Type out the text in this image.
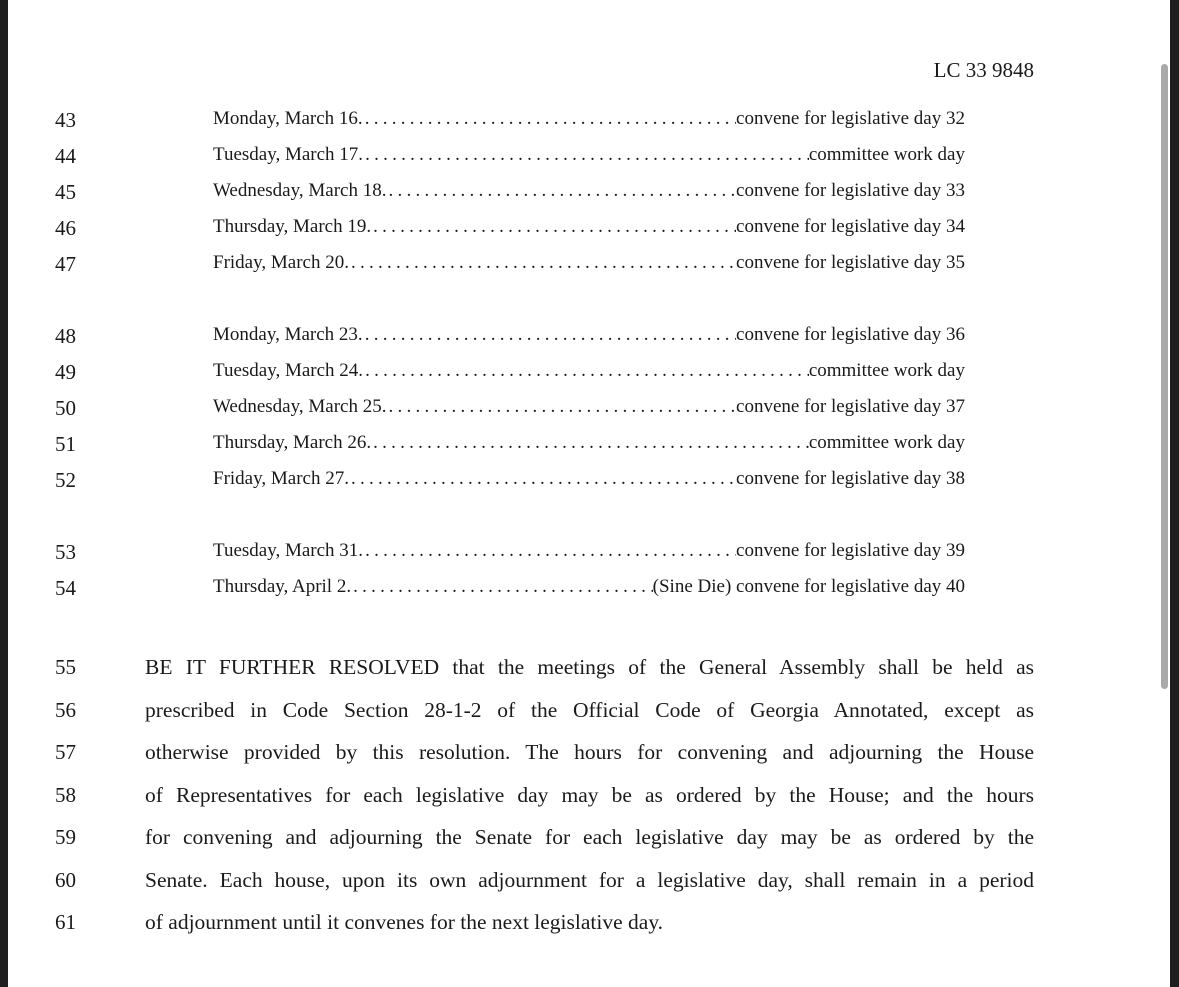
LC 33 9848
43	Monday, March 16. . . .	convene for legislative day 32
44	Tuesday, March 17. . . .	committee work day
45	Wednesday, March 18. . . .	convene for legislative day 33
46	Thursday, March 19. . . .	convene for legislative day 34
47	Friday, March 20. . . .	convene for legislative day 35
48	Monday, March 23. . . .	convene for legislative day 36
49	Tuesday, March 24. . . .	committee work day
50	Wednesday, March 25. . . .	convene for legislative day 37
51	Thursday, March 26. . . .	committee work day
52	Friday, March 27. . . .	convene for legislative day 38
53	Tuesday, March 31. . . .	convene for legislative day 39
54	Thursday, April 2. . . .	(Sine Die) convene for legislative day 40
55	BE IT FURTHER RESOLVED that the meetings of the General Assembly shall be held as
56	prescribed in Code Section 28-1-2 of the Official Code of Georgia Annotated, except as
57	otherwise provided by this resolution. The hours for convening and adjourning the House
58	of Representatives for each legislative day may be as ordered by the House; and the hours
59	for convening and adjourning the Senate for each legislative day may be as ordered by the
60	Senate. Each house, upon its own adjournment for a legislative day, shall remain in a period
61	of adjournment until it convenes for the next legislative day.
